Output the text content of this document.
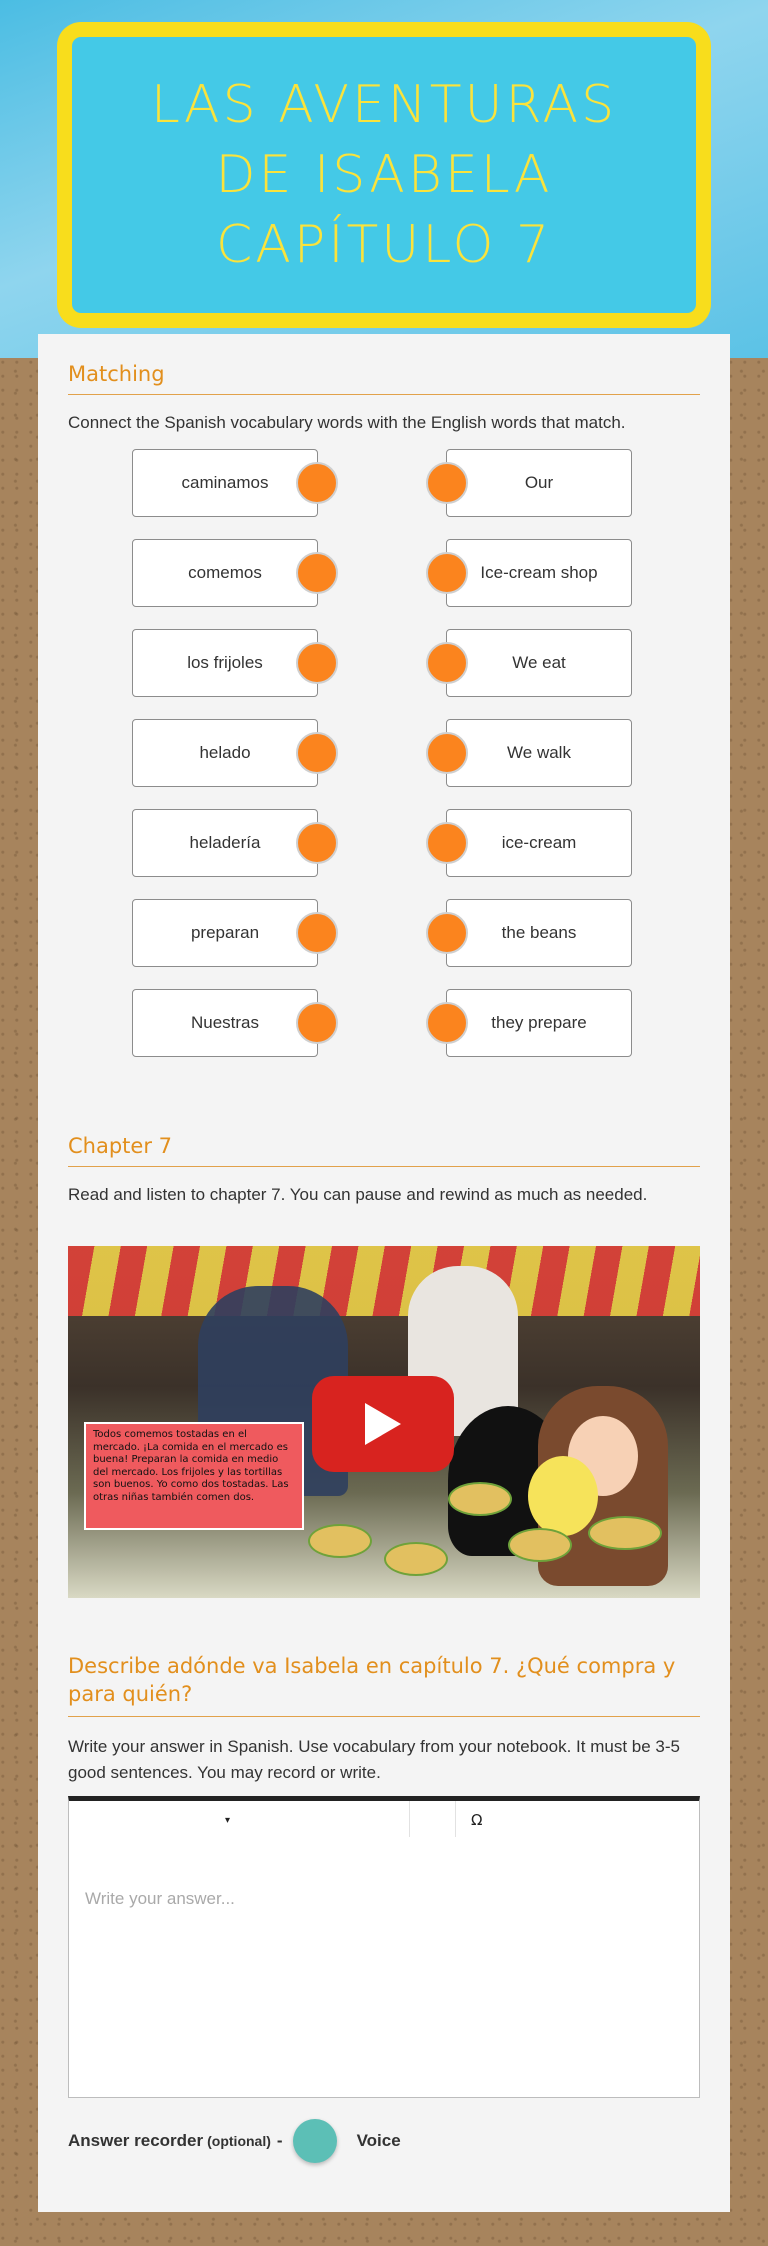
LAS AVENTURAS DE ISABELA CAPÍTULO 7
Matching
Connect the Spanish vocabulary words with the English words that match.
caminamos	Our
comemos	Ice-cream shop
los frijoles	We eat
helado	We walk
heladería	ice-cream
preparan	the beans
Nuestras	they prepare
Chapter 7
Read and listen to chapter 7. You can pause and rewind as much as needed.
Todos comemos tostadas en el mercado. ¡La comida en el mercado es buena! Preparan la comida en medio del mercado. Los frijoles y las tortillas son buenos. Yo como dos tostadas. Las otras niñas también comen dos.
Describe adónde va Isabela en capítulo 7. ¿Qué compra y para quién?
Write your answer in Spanish. Use vocabulary from your notebook. It must be 3-5 good sentences. You may record or write.
▾	Ω
Write your answer...
Answer recorder (optional) -	Voice
